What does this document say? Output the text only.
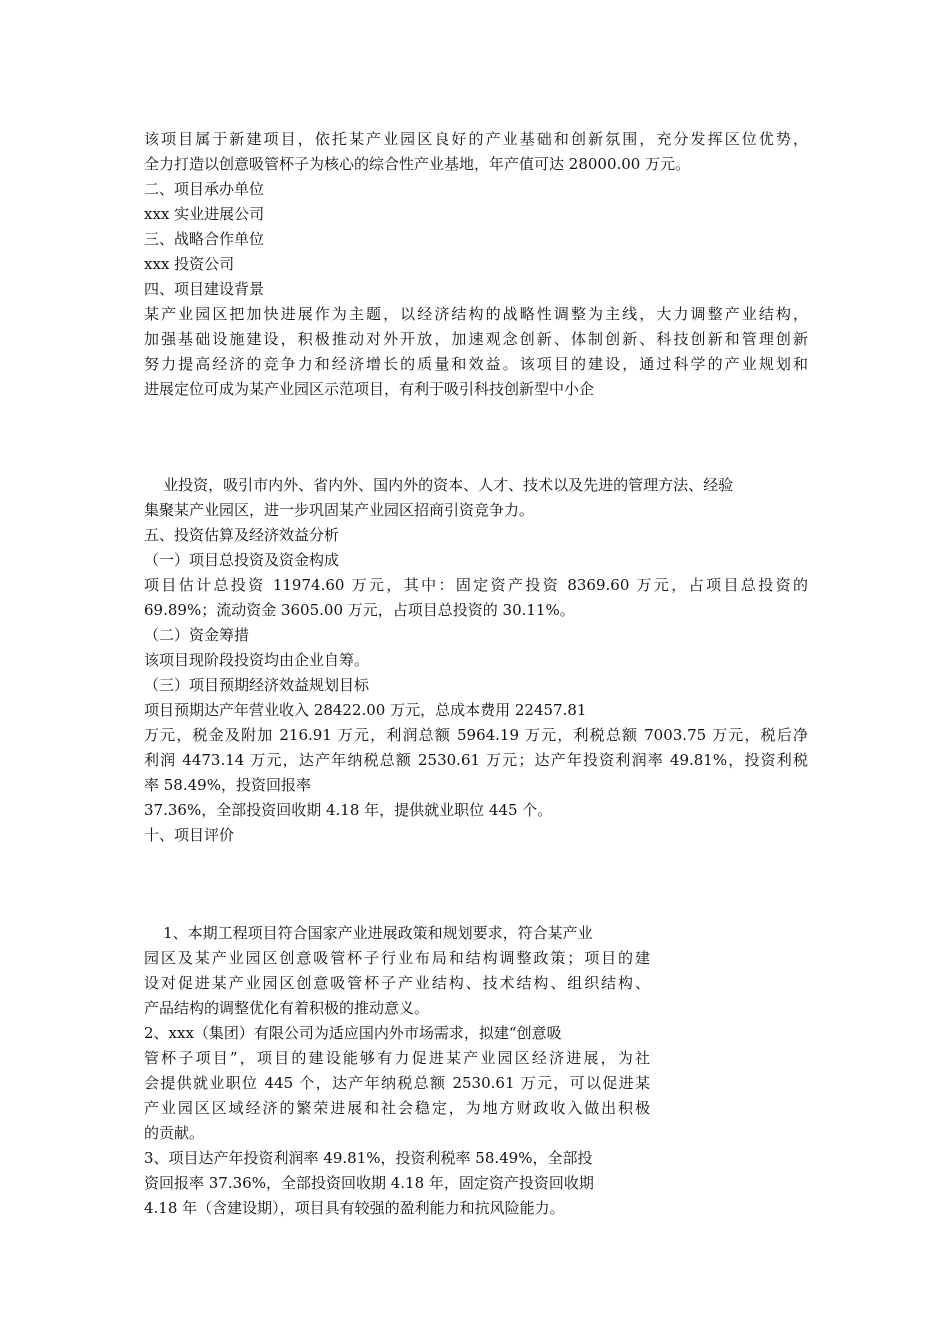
该项目属于新建项目，依托某产业园区良好的产业基础和创新氛围，充分发挥区位优势，
全力打造以创意吸管杯子为核心的综合性产业基地，年产值可达 28000.00 万元。
二、项目承办单位
xxx 实业进展公司
三、战略合作单位
xxx 投资公司
四、项目建设背景
某产业园区把加快进展作为主题，以经济结构的战略性调整为主线，大力调整产业结构，
加强基础设施建设，积极推动对外开放，加速观念创新、体制创新、科技创新和管理创新
努力提高经济的竞争力和经济增长的质量和效益。该项目的建设，通过科学的产业规划和
进展定位可成为某产业园区示范项目，有利于吸引科技创新型中小企
业投资，吸引市内外、省内外、国内外的资本、人才、技术以及先进的管理方法、经验
集聚某产业园区，进一步巩固某产业园区招商引资竞争力。
五、投资估算及经济效益分析
（一）项目总投资及资金构成
项目估计总投资 11974.60 万元，其中：固定资产投资 8369.60 万元，占项目总投资的
69.89%；流动资金 3605.00 万元，占项目总投资的 30.11%。
（二）资金筹措
该项目现阶段投资均由企业自筹。
（三）项目预期经济效益规划目标
项目预期达产年营业收入 28422.00 万元，总成本费用 22457.81
万元，税金及附加 216.91 万元，利润总额 5964.19 万元，利税总额 7003.75 万元，税后净
利润 4473.14 万元，达产年纳税总额 2530.61 万元；达产年投资利润率 49.81%，投资利税
率 58.49%，投资回报率
37.36%，全部投资回收期 4.18 年，提供就业职位 445 个。
十、项目评价
1、本期工程项目符合国家产业进展政策和规划要求，符合某产业
园区及某产业园区创意吸管杯子行业布局和结构调整政策；项目的建
设对促进某产业园区创意吸管杯子产业结构、技术结构、组织结构、
产品结构的调整优化有着积极的推动意义。
2、xxx（集团）有限公司为适应国内外市场需求，拟建“创意吸
管杯子项目”，项目的建设能够有力促进某产业园区经济进展，为社
会提供就业职位 445 个，达产年纳税总额 2530.61 万元，可以促进某
产业园区区域经济的繁荣进展和社会稳定，为地方财政收入做出积极
的贡献。
3、项目达产年投资利润率 49.81%，投资利税率 58.49%，全部投
资回报率 37.36%，全部投资回收期 4.18 年，固定资产投资回收期
4.18 年（含建设期），项目具有较强的盈利能力和抗风险能力。
